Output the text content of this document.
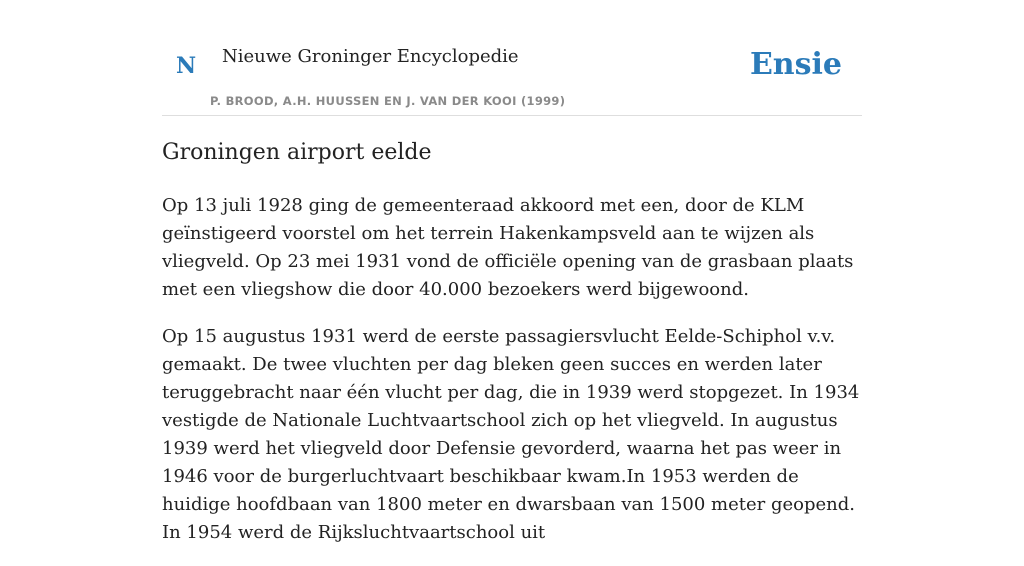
N Nieuwe Groninger Encyclopedie
P. BROOD, A.H. HUUSSEN EN J. VAN DER KOOI (1999)
Ensie
Groningen airport eelde

Op 13 juli 1928 ging de gemeenteraad akkoord met een, door de KLM geïnstigeerd voorstel om het terrein Hakenkampsveld aan te wijzen als vliegveld. Op 23 mei 1931 vond de officiële opening van de grasbaan plaats met een vliegshow die door 40.000 bezoekers werd bijgewoond.

Op 15 augustus 1931 werd de eerste passagiersvlucht Eelde-Schiphol v.v. gemaakt. De twee vluchten per dag bleken geen succes en werden later teruggebracht naar één vlucht per dag, die in 1939 werd stopgezet. In 1934 vestigde de Nationale Luchtvaartschool zich op het vliegveld. In augustus 1939 werd het vliegveld door Defensie gevorderd, waarna het pas weer in 1946 voor de burgerluchtvaart beschikbaar kwam.In 1953 werden de huidige hoofdbaan van 1800 meter en dwarsbaan van 1500 meter geopend. In 1954 werd de Rijksluchtvaartschool uit
